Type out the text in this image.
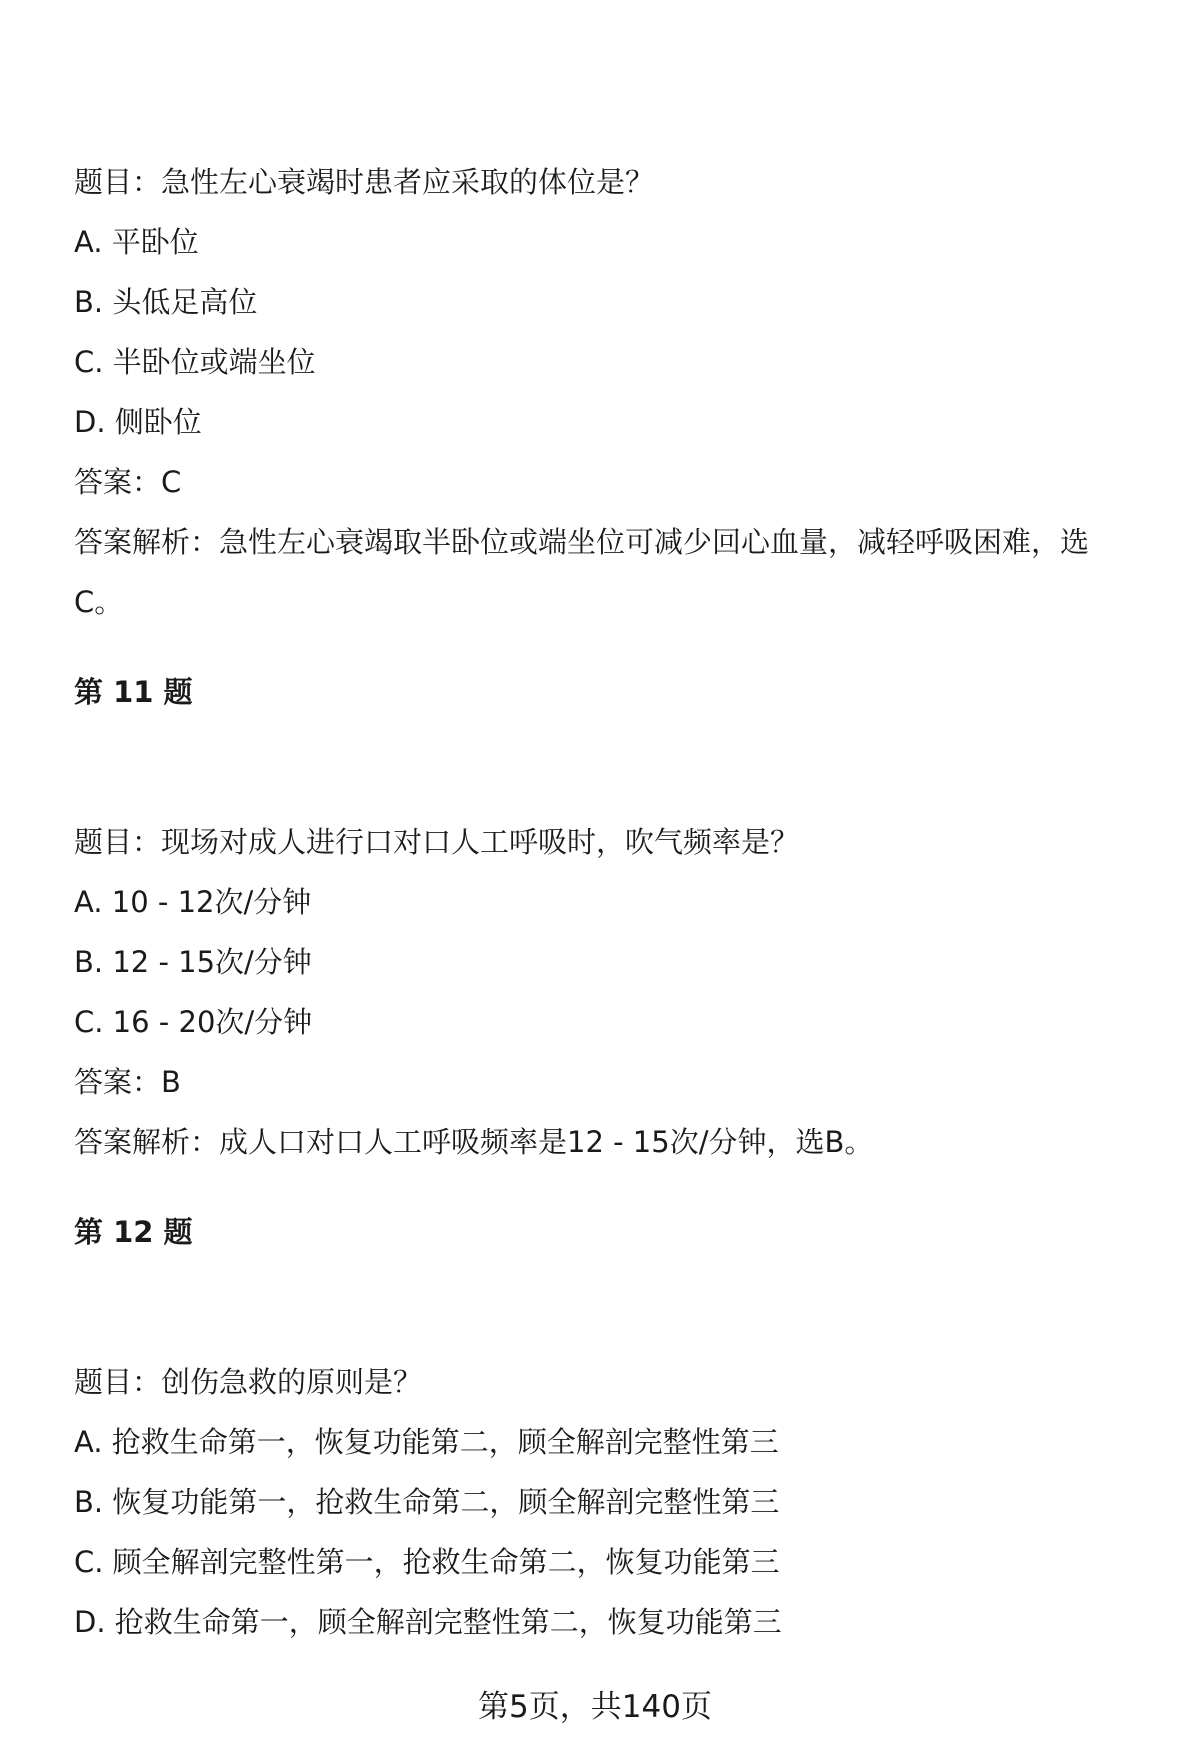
题目：急性左心衰竭时患者应采取的体位是？
A. 平卧位
B. 头低足高位
C. 半卧位或端坐位
D. 侧卧位
答案：C
答案解析：急性左心衰竭取半卧位或端坐位可减少回心血量，减轻呼吸困难，选
C。
第 11 题
题目：现场对成人进行口对口人工呼吸时，吹气频率是？
A. 10 - 12次/分钟
B. 12 - 15次/分钟
C. 16 - 20次/分钟
答案：B
答案解析：成人口对口人工呼吸频率是12 - 15次/分钟，选B。
第 12 题
题目：创伤急救的原则是？
A. 抢救生命第一，恢复功能第二，顾全解剖完整性第三
B. 恢复功能第一，抢救生命第二，顾全解剖完整性第三
C. 顾全解剖完整性第一，抢救生命第二，恢复功能第三
D. 抢救生命第一，顾全解剖完整性第二，恢复功能第三
第5页，共140页
